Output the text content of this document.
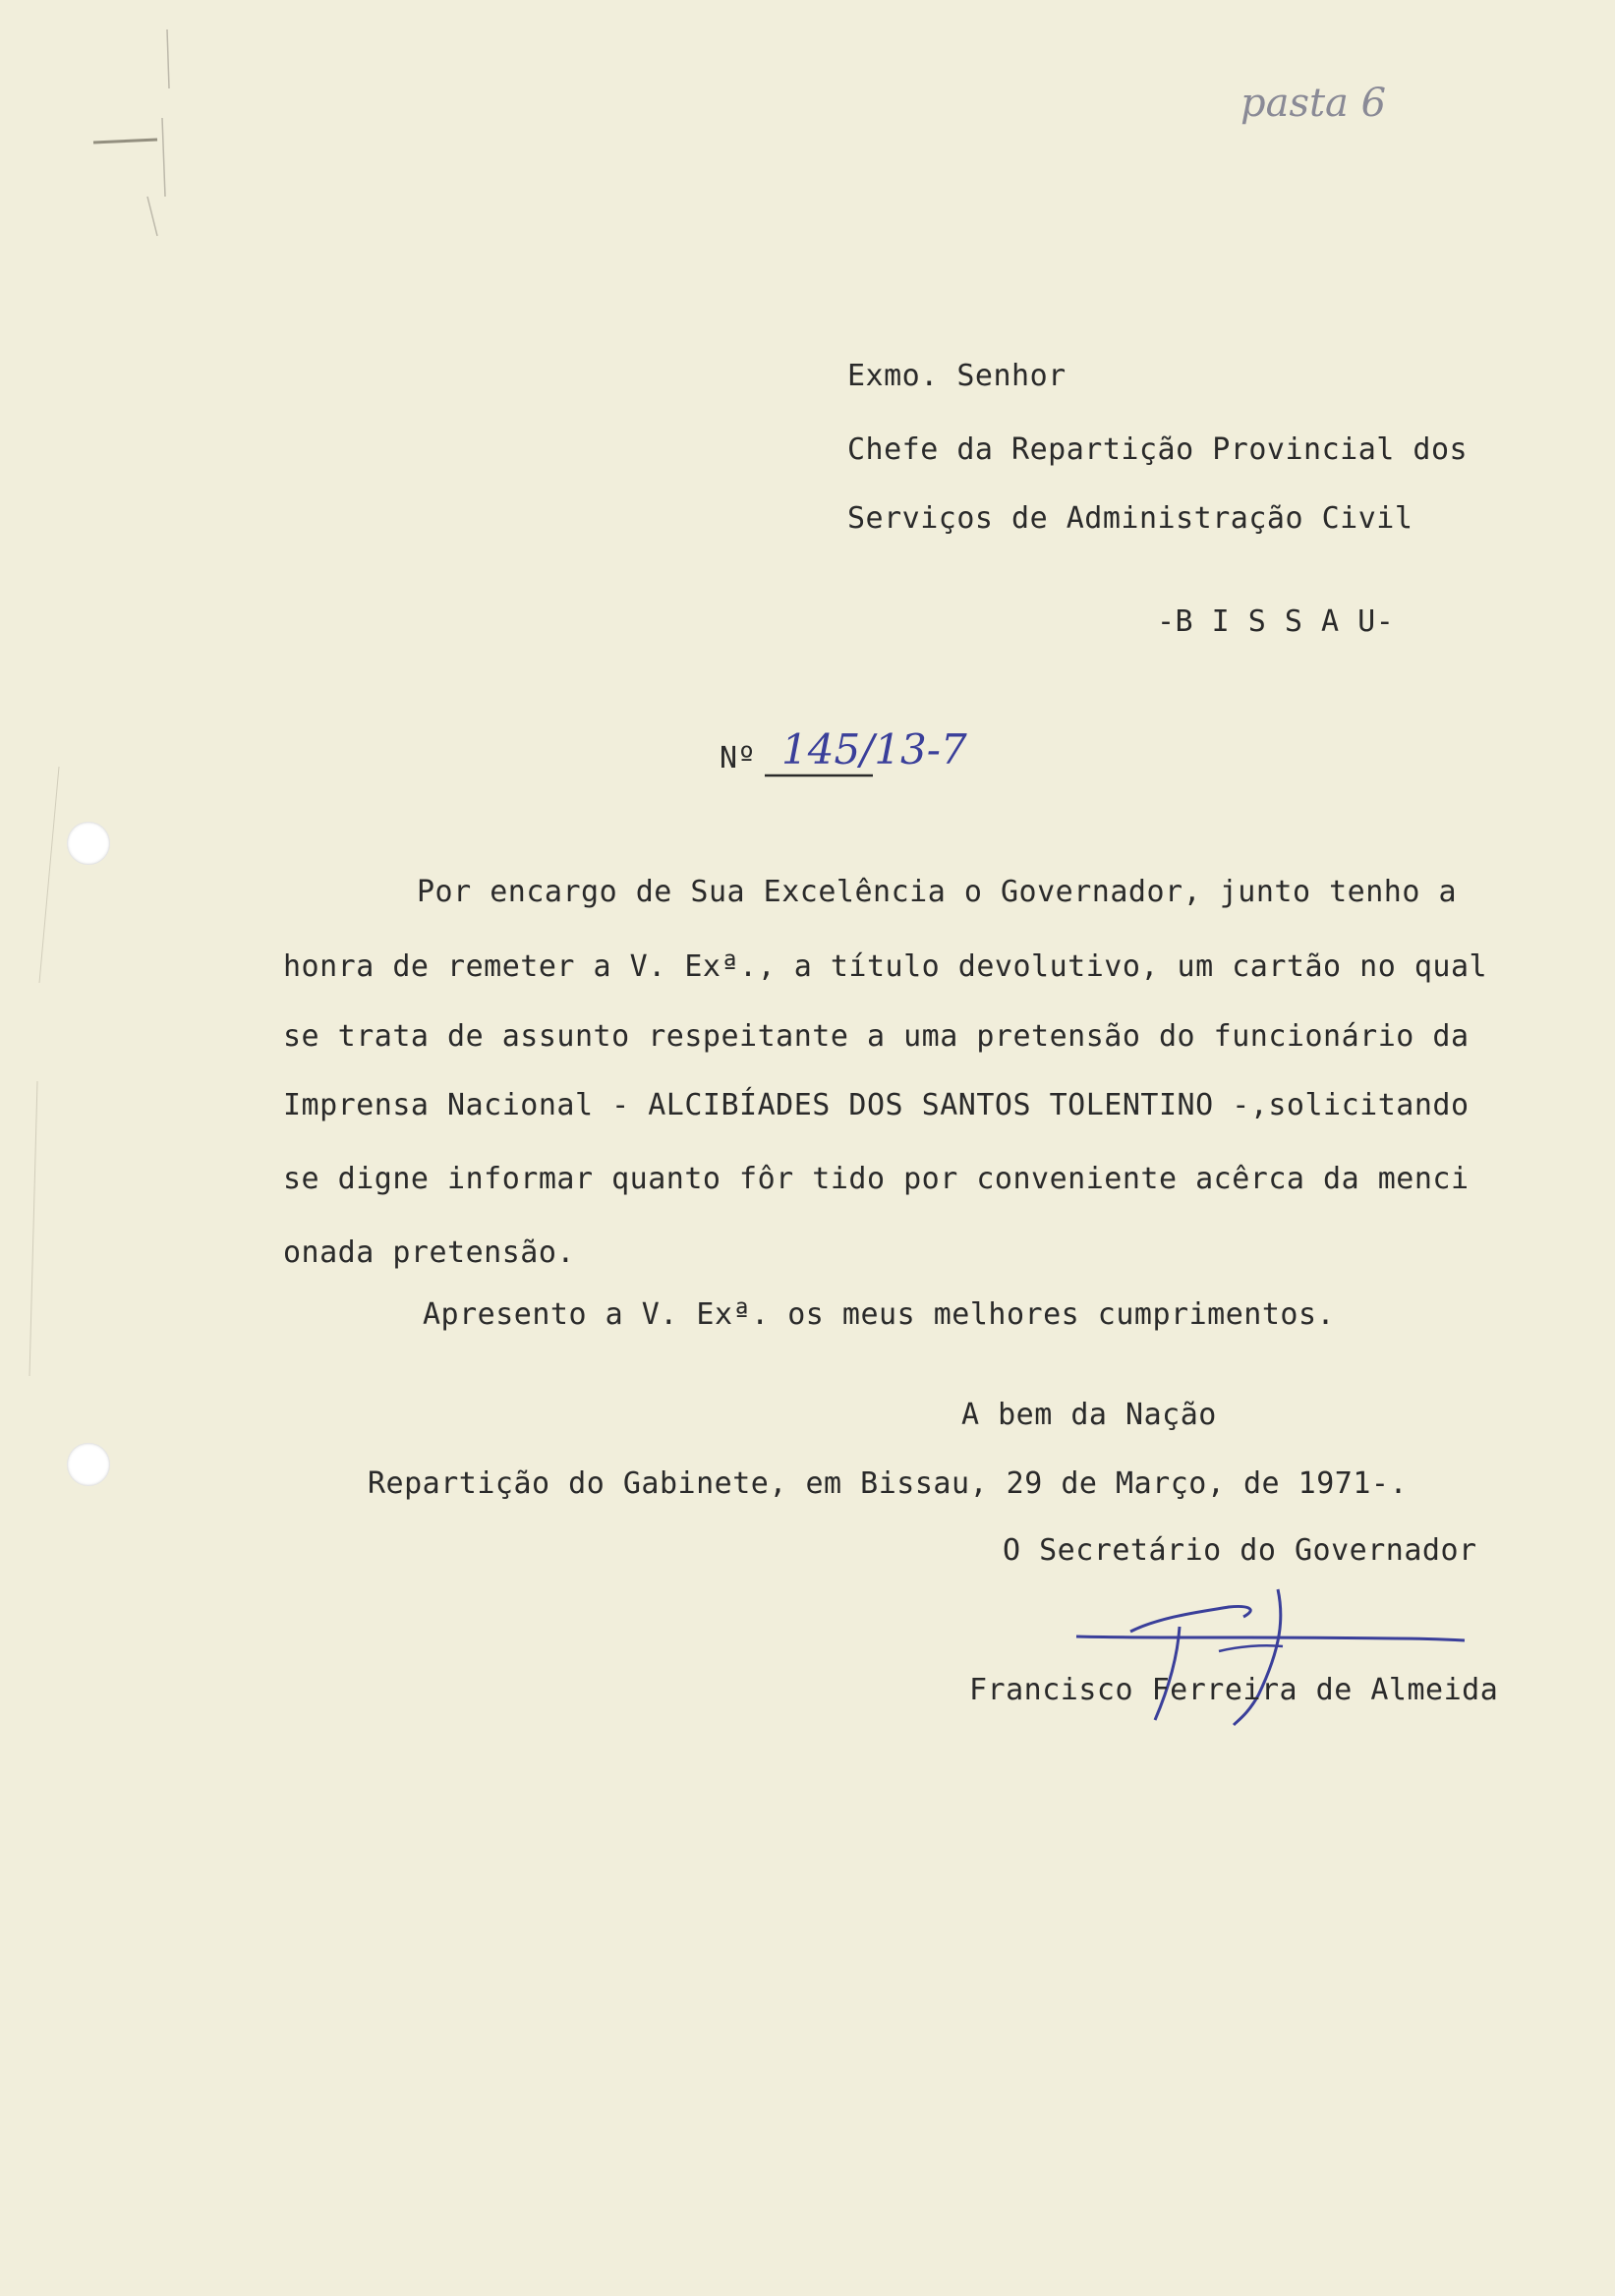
pasta 6
Exmo. Senhor
Chefe da Repartição Provincial dos
Serviços de Administração Civil
-B I S S A U-
Nº 145/13-7
Por encargo de Sua Excelência o Governador, junto tenho a
honra de remeter a V. Exª., a título devolutivo, um cartão no qual
se trata de assunto respeitante a uma pretensão do funcionário da
Imprensa Nacional - ALCIBÍADES DOS SANTOS TOLENTINO -,solicitando
se digne informar quanto fôr tido por conveniente acêrca da menci
onada pretensão.
Apresento a V. Exª. os meus melhores cumprimentos.
A bem da Nação
Repartição do Gabinete, em Bissau, 29 de Março, de 1971-.
O Secretário do Governador
Francisco Ferreira de Almeida
